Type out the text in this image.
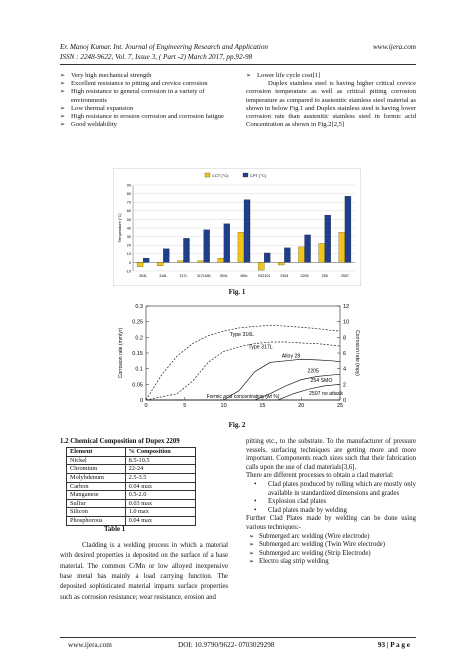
Er. Manoj Kumar. Int. Journal of Engineering Research and Application	www.ijera.com
ISSN : 2248-9622, Vol. 7, Issue 3, ( Part -2) March 2017, pp.92-98
➢ Very high mechanical strength
➢ Excellent resistance to pitting and crevice corrosion
➢ High resistance to general corrosion in a variety of environments
➢ Low thermal expansion
➢ High resistance to erosion corrosion and corrosion fatigue
➢ Good weldability
➢ Lower life cycle cost[1]

Duplex stainless steel is having higher critical crevice corrosion temperature as well as critical pitting corrosion temperature as compared to austenitic stainless steel material as shown in below Fig.1 and Duplex stainless steel is having lower corrosion rate than austenitic stainless steel in formic acid Concentration as shown in Fig.2[2,5]

CCT (°C)	CPT (°C)
-10
0
10
20
30
40
50
60
70
80
90
Temperature (°C)
304L	316L	317L	317LMN	904L	6Mo	S32101	2304	2205	255	2507
Fig. 1
0
0.05
0.1
0.15
0.2
0.25
0.3
0
2
4
6
8
10
12
0	5	10	15	20	25
Formic acid concentration (wt %)
Corrosion rate (mm/yr)	Corrosion rate (mpy)
Type 316L
Type 317L
Alloy 28
2205
254 SMO
2507 no attack
Fig. 2
1.2 Chemical Composition of Dupex 2209
Element	% Composition
Nickel	8.5-10.5
Chromium	22-24
Molybdenum	2.5-3.5
Carbon	0.04 max
Manganese	0.5-2.0
Sulfur	0.03 max
Silicon	1.0 max
Phosphorous	0.04 max
Table 1

Cladding is a welding process in which a material with desired properties is deposited on the surface of a base material. The common C/Mn or low alloyed inexpensive base metal has mainly a load carrying function. The deposited sophisticated material imparts surface properties such as corrosion resistance; wear resistance, erosion and

pitting etc., to the substrate. To the manufacturer of pressure vessels, surfacing techniques are getting more and more important. Components reach sizes such that their fabrication calls upon the use of clad materials[3,6].

There are different processes to obtain a clad material:

• Clad plates produced by rolling which are mostly only available in standardized dimensions and grades
• Explosion clad plates
• Clad plates made by welding

Further Clad Plates made by welding can be done using various techniques:-

➢ Submerged arc welding (Wire electrode)
➢ Submerged arc welding (Twin Wire electrode)
➢ Submerged arc welding (Strip Electrode)
➢ Electro slag strip welding
www.ijera.com	DOI: 10.9790/9622- 0703029298	93 | P a g e
